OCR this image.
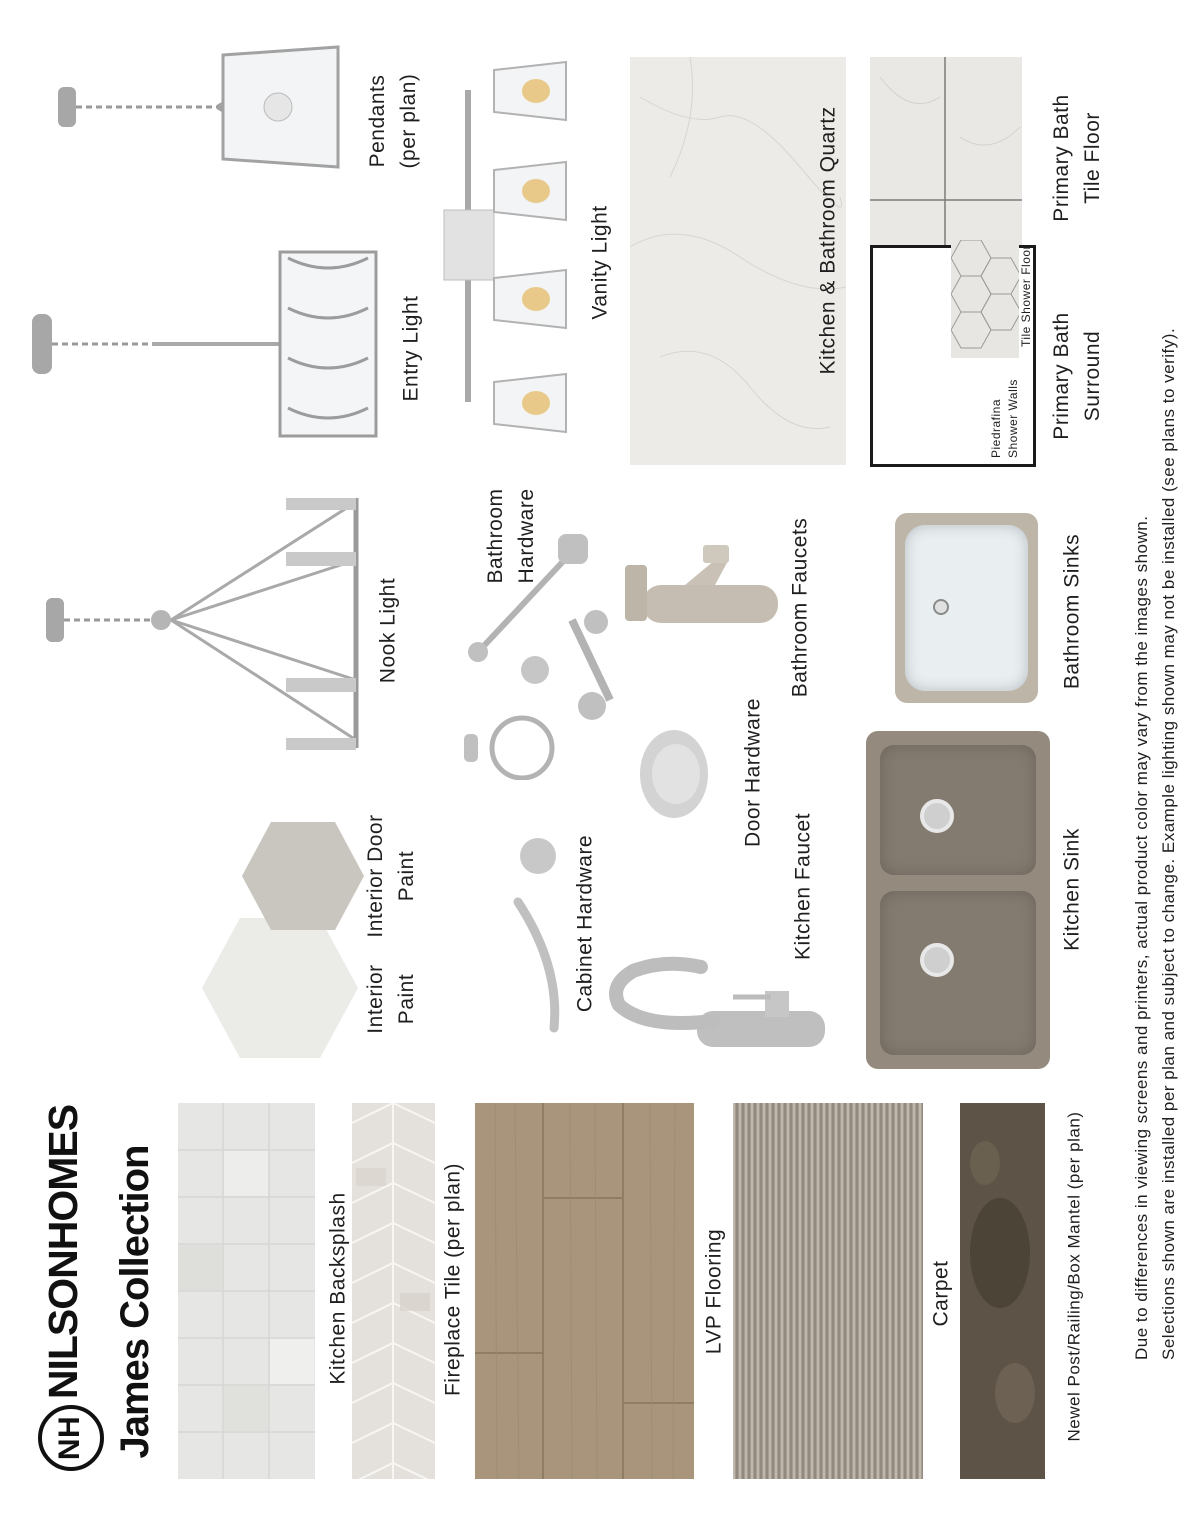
NH
NILSONHOMES James Collection
Tile Shower Floor
Piedrafina Shower Walls
Pendants (per plan)
Entry Light
Nook Light
Vanity Light
Bathroom Hardware	Bathroom Faucets
Door Hardware
Kitchen Faucet
Cabinet Hardware
Interior Door Paint
Interior Paint
Kitchen & Bathroom Quartz	Primary Bath Tile Floor
Primary Bath Surround
Bathroom Sinks
Kitchen Sink
Kitchen Backsplash	Fireplace Tile (per plan)	LVP Flooring	Carpet	Newel Post/Railing/Box Mantel (per plan)	Due to differences in viewing screens and printers, actual product color may vary from the images shown. Selections shown are installed per plan and subject to change. Example lighting shown may not be installed (see plans to verify).
